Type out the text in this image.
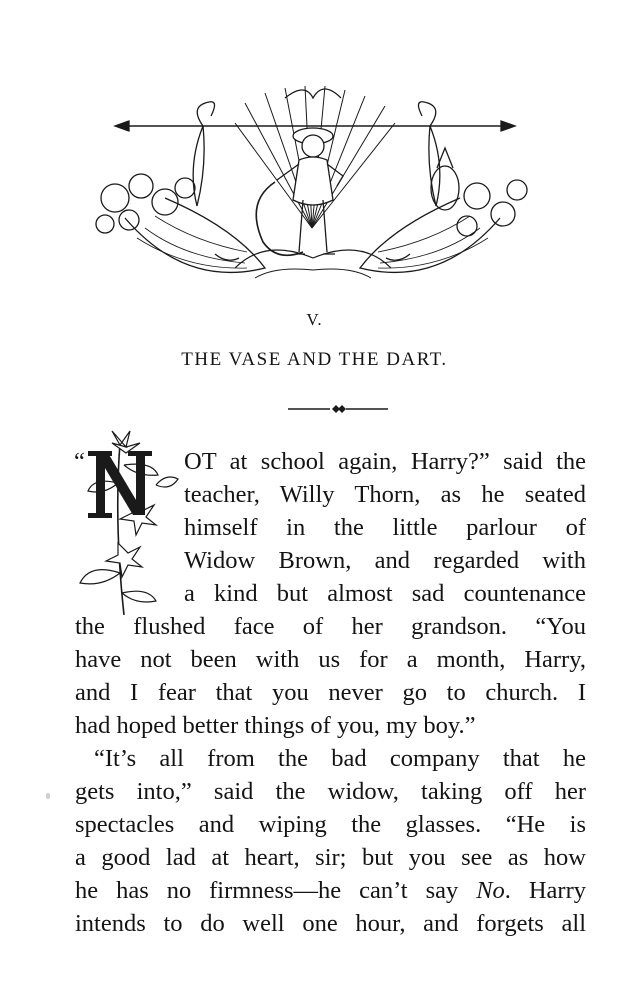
V.
THE VASE AND THE DART.
“	OT at school again, Harry?” said the
teacher, Willy Thorn, as he seated
himself in the little parlour of
Widow Brown, and regarded with
a kind but almost sad countenance
the flushed face of her grandson. “You
have not been with us for a month, Harry,
and I fear that you never go to church. I
had hoped better things of you, my boy.”
“It’s all from the bad company that he
gets into,” said the widow, taking off her
spectacles and wiping the glasses. “He is
a good lad at heart, sir; but you see as how
he has no firmness—he can’t say No. Harry
intends to do well one hour, and forgets all
